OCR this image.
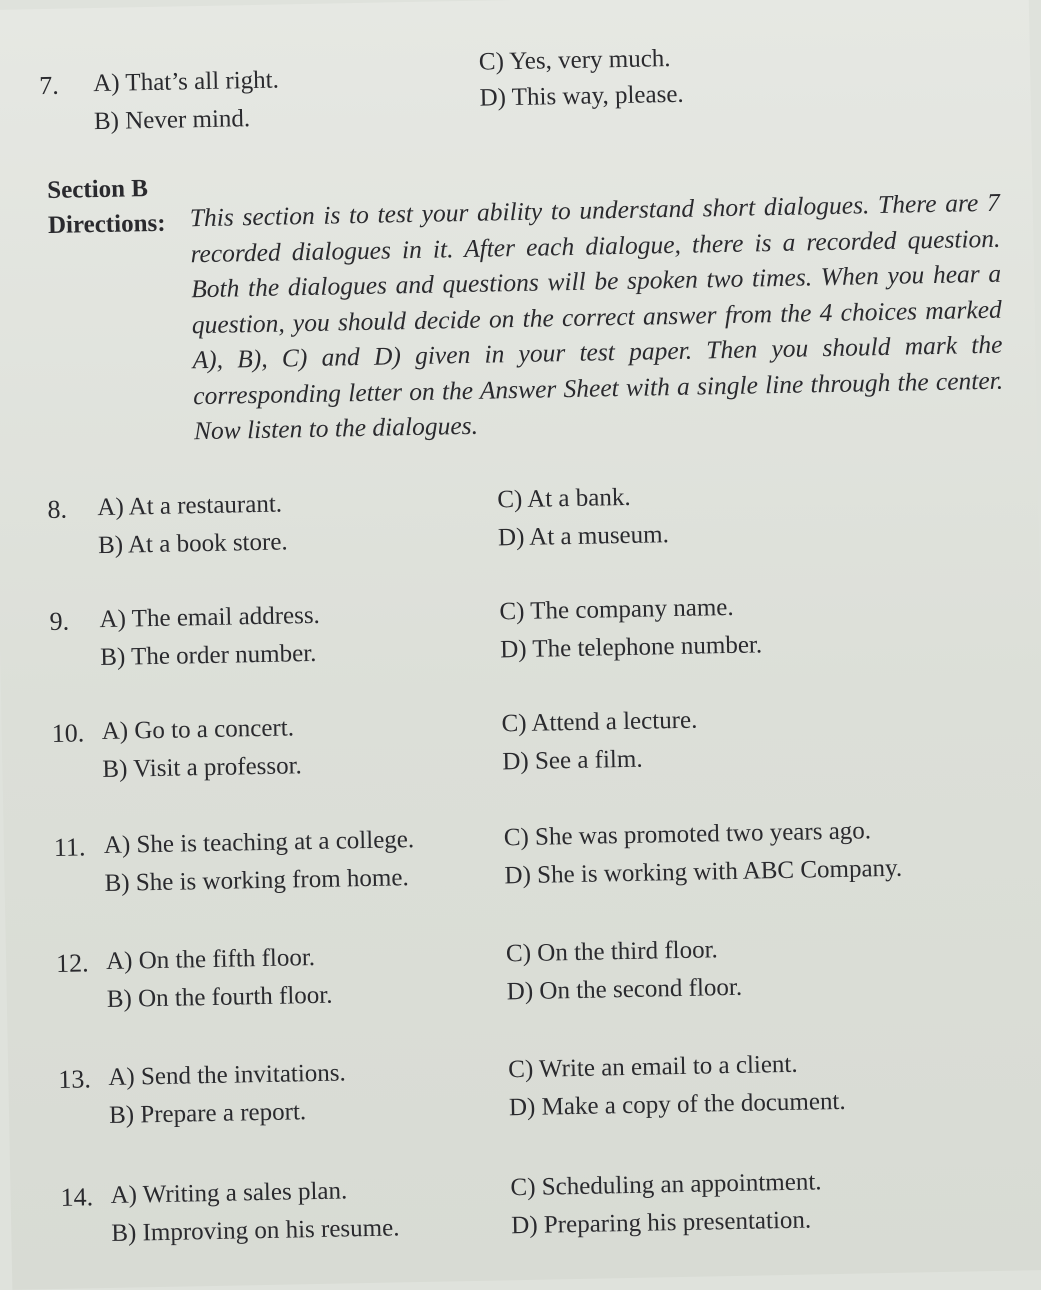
7. A) That’s all right.
B) Never mind.
C) Yes, very much.
D) This way, please.
Section B
Directions: This section is to test your ability to understand short dialogues. There are 7 recorded dialogues in it. After each dialogue, there is a recorded question. Both the dialogues and questions will be spoken two times. When you hear a question, you should decide on the correct answer from the 4 choices marked A), B), C) and D) given in your test paper. Then you should mark the corresponding letter on the Answer Sheet with a single line through the center. Now listen to the dialogues.
8. A) At a restaurant.
B) At a book store.
C) At a bank.
D) At a museum.
9. A) The email address.
B) The order number.
C) The company name.
D) The telephone number.
10. A) Go to a concert.
B) Visit a professor.
C) Attend a lecture.
D) See a film.
11. A) She is teaching at a college.
B) She is working from home.
C) She was promoted two years ago.
D) She is working with ABC Company.
12. A) On the fifth floor.
B) On the fourth floor.
C) On the third floor.
D) On the second floor.
13. A) Send the invitations.
B) Prepare a report.
C) Write an email to a client.
D) Make a copy of the document.
14. A) Writing a sales plan.
B) Improving on his resume.
C) Scheduling an appointment.
D) Preparing his presentation.
